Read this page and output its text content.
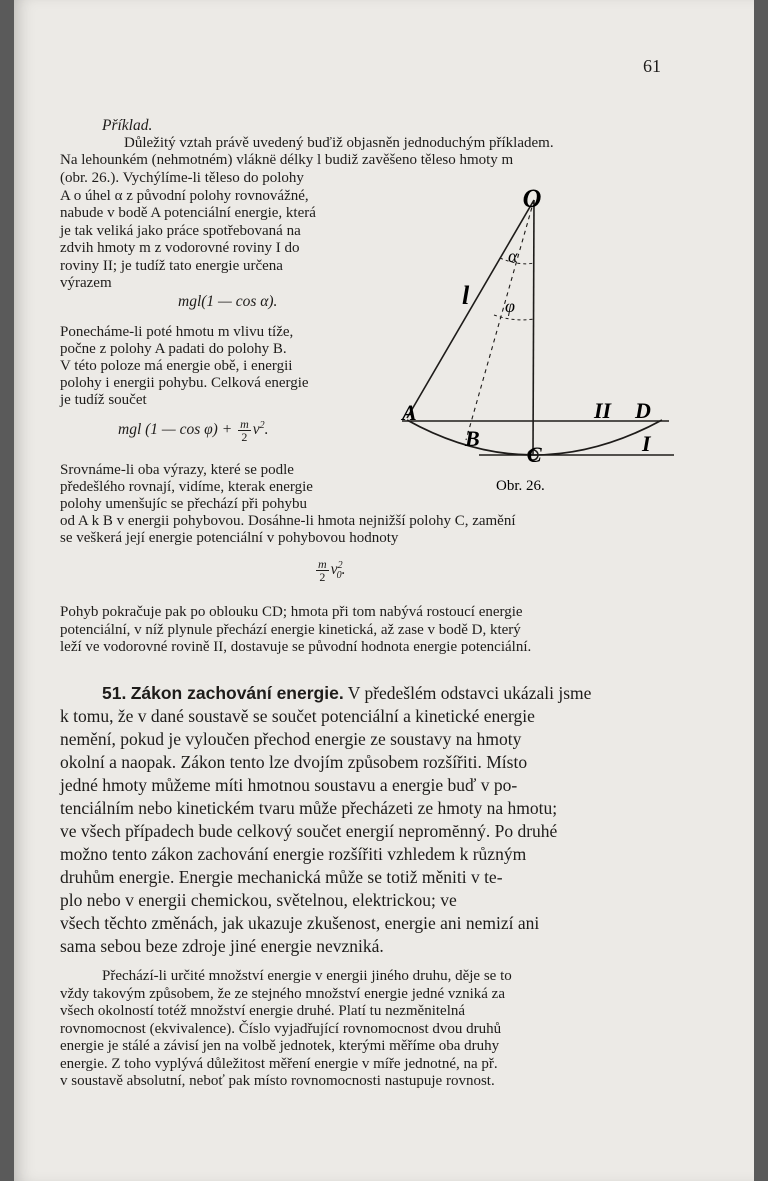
61
Příklad.
Důležitý vztah právě uvedený buďiž objasněn jednoduchým příkladem.
Na lehounkém (nehmotném) vláknë délky l budiž zavěšeno těleso hmoty m
(obr. 26.). Vychýlíme-li těleso do polohy
A o úhel α z původní polohy rovnovážné,
nabude v bodě A potenciální energie, která
je tak veliká jako práce spotřebovaná na
zdvih hmoty m z vodorovné roviny I do
roviny II; je tudíž tato energie určena
výrazem
mgl(1 — cos α).
Ponecháme-li poté hmotu m vlivu tíže,
počne z polohy A padati do polohy B.
V této poloze má energie obě, i energii
polohy i energii pohybu. Celková energie
je tudíž součet
mgl (1 — $\cos \varphi) + \frac{m}{2} v^2$.
Srovnáme-li oba výrazy, které se podle
předešlého rovnají, vidíme, kterak energie
polohy umenšujíc se přechází při pohybu
od A k B v energii pohybovou. Dosáhne-li hmota nejnižší polohy C, zamění
se veškerá její energie potenciální v pohybovou hodnoty
$\frac{m}{2} v^2_0$.
Pohyb pokračuje pak po oblouku CD; hmota při tom nabývá rostoucí energie
potenciální, v níž plynule přechází energie kinetická, až zase v bodě D, který
leží ve vodorovné rovině II, dostavuje se původní hodnota energie potenciální.
51. Zákon zachování energie. V předešlém odstavci ukázali jsme
k tomu, že v dané soustavě se součet potenciální a kinetické energie
nemění, pokud je vyloučen přechod energie ze soustavy na hmoty
okolní a naopak. Zákon tento lze dvojím způsobem rozšířiti. Místo
jedné hmoty můžeme míti hmotnou soustavu a energie buď v po-
tenciálním nebo kinetickém tvaru může přecházeti ze hmoty na hmotu;
ve všech případech bude celkový součet energií nepromĕnný. Po druhé
možno tento zákon zachování energie rozšířiti vzhledem k různým
druhům energie. Energie mechanická může se totiž měniti v te-
plo nebo v energii chemickou, světelnou, elektrickou; ve
všech těchto změnách, jak ukazuje zkušenost, energie ani nemizí ani
sama sebou beze zdroje jiné energie nevzniká.
Přechází-li určité množství energie v energii jiného druhu, děje se to
vždy takovým způsobem, že ze stejného množství energie jedné vzniká za
všech okolností totéž množství energie druhé. Platí tu nezměnitelná
rovnomocnost (ekvivalence). Číslo vyjadřující rovnomocnost dvou druhů
energie je stálé a závisí jen na volbě jednotek, kterými měříme oba druhy
energie. Z toho vyplývá důležitost měření energie v míře jednotné, na př.
v soustavě absolutní, neboť pak místo rovnomocnosti nastupuje rovnost.
O
α
l φ
A
B
C
II D
I
Obr. 26.
